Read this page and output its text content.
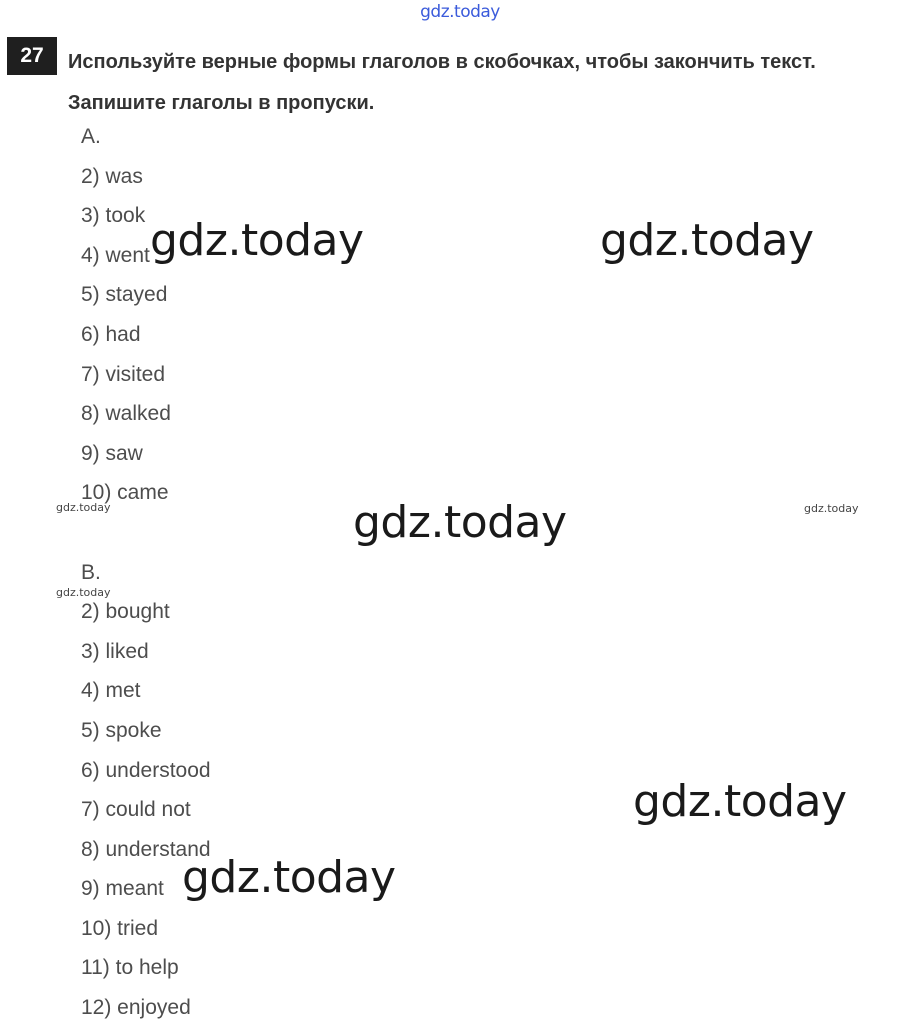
gdz.today
27	Используйте верные формы глаголов в скобочках, чтобы закончить текст.
Запишите глаголы в пропуски.
A.
2) was
3) took
4) went
5) stayed
6) had
7) visited
8) walked
9) saw
10) came
B.
2) bought
3) liked
4) met
5) spoke
6) understood
7) could not
8) understand
9) meant
10) tried
11) to help
12) enjoyed
gdz.today	gdz.today
gdz.today
gdz.today
gdz.today
gdz.today	gdz.today
gdz.today
